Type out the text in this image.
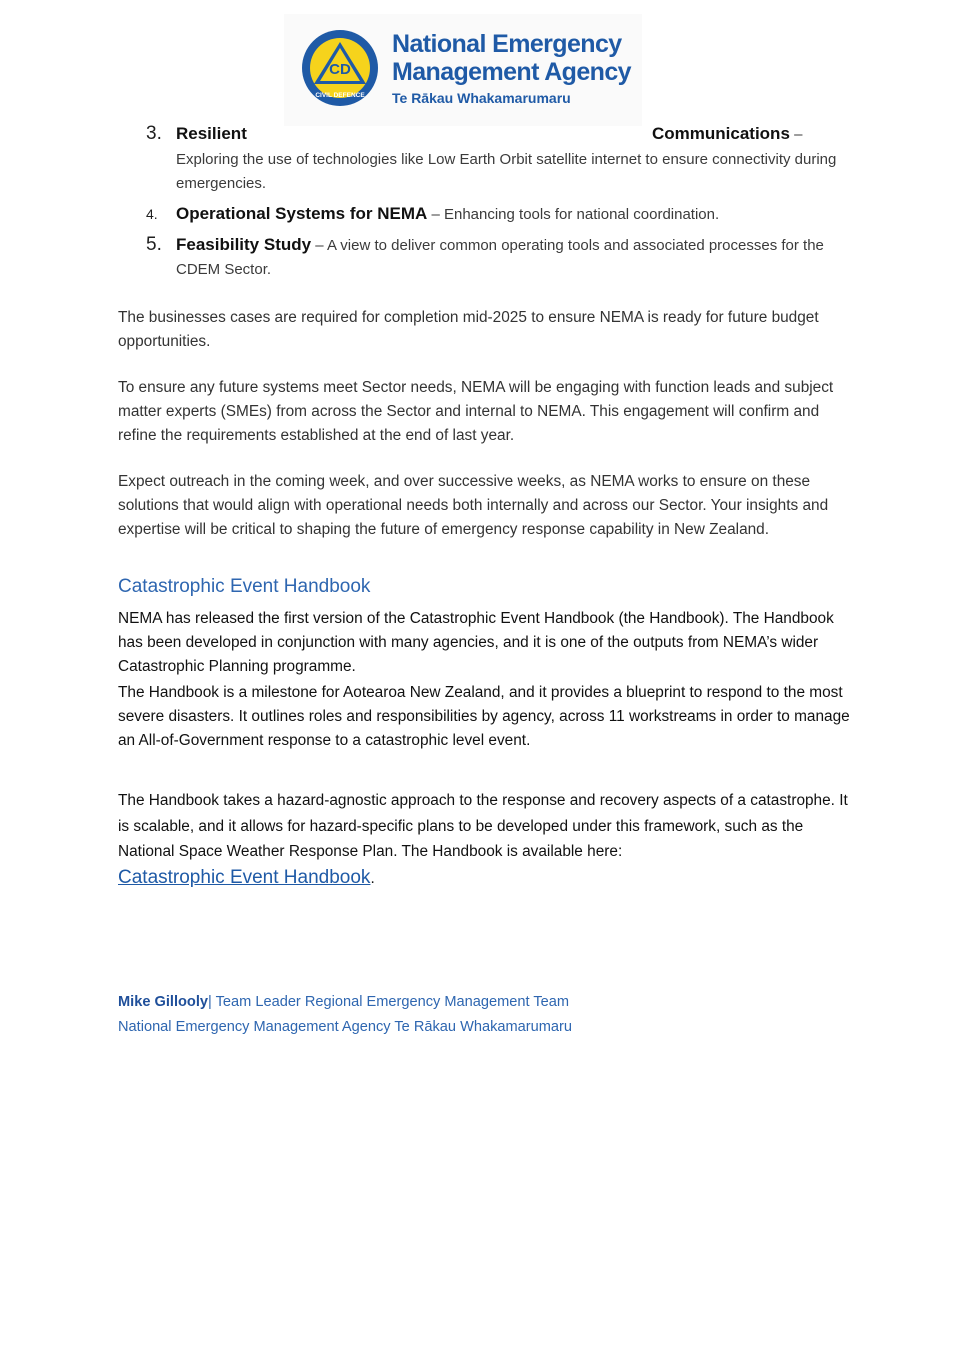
CD
CIVIL DEFENCE
National Emergency
Management Agency
Te Rākau Whakamarumaru
3. Resilient	Communications –
Exploring the use of technologies like Low Earth Orbit satellite internet to ensure connectivity during emergencies.
4. Operational Systems for NEMA – Enhancing tools for national coordination.
5. Feasibility Study – A view to deliver common operating tools and associated processes for the CDEM Sector.
The businesses cases are required for completion mid-2025 to ensure NEMA is ready for future budget opportunities.
To ensure any future systems meet Sector needs, NEMA will be engaging with function leads and subject matter experts (SMEs) from across the Sector and internal to NEMA. This engagement will confirm and refine the requirements established at the end of last year.
Expect outreach in the coming week, and over successive weeks, as NEMA works to ensure on these solutions that would align with operational needs both internally and across our Sector. Your insights and expertise will be critical to shaping the future of emergency response capability in New Zealand.
Catastrophic Event Handbook
NEMA has released the first version of the Catastrophic Event Handbook (the Handbook). The Handbook has been developed in conjunction with many agencies, and it is one of the outputs from NEMA’s wider Catastrophic Planning programme.
The Handbook is a milestone for Aotearoa New Zealand, and it provides a blueprint to respond to the most severe disasters. It outlines roles and responsibilities by agency, across 11 workstreams in order to manage an All-of-Government response to a catastrophic level event.
The Handbook takes a hazard-agnostic approach to the response and recovery aspects of a catastrophe. It is scalable, and it allows for hazard-specific plans to be developed under this framework, such as the National Space Weather Response Plan. The Handbook is available here:
Catastrophic Event Handbook.
Mike Gillooly| Team Leader Regional Emergency Management Team
National Emergency Management Agency Te Rākau Whakamarumaru
